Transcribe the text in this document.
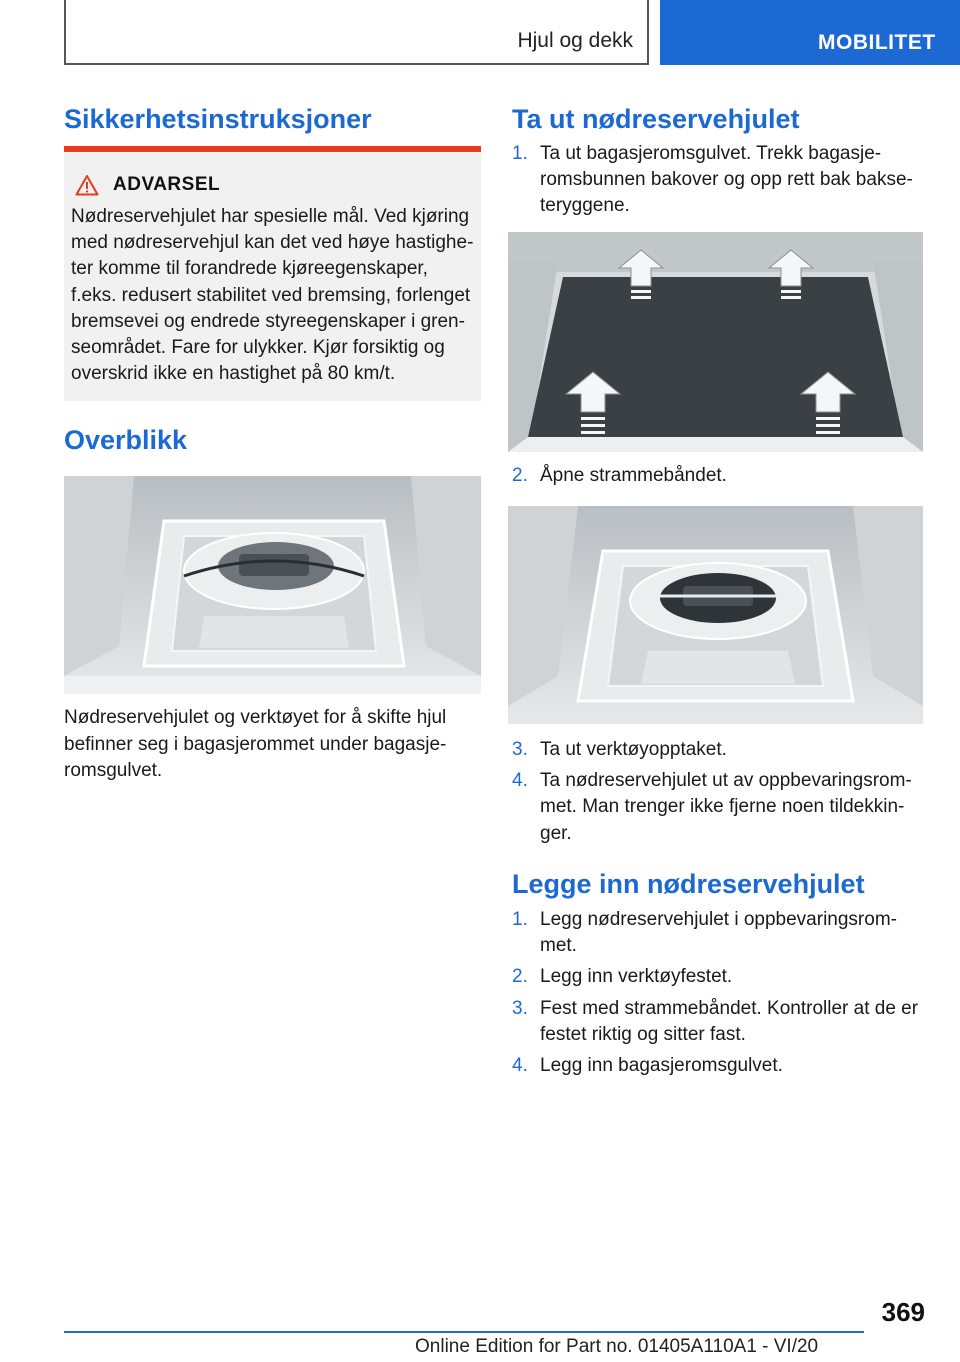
Hjul og dekk	MOBILITET
Sikkerhetsinstruksjoner
ADVARSEL

Nødreservehjulet har spesielle mål. Ved kjøring med nødreservehjul kan det ved høye hastigheter komme til forandrede kjøreegenskaper, f.eks. redusert stabilitet ved bremsing, forlenget bremsevei og endrede styreegenskaper i grenseområdet. Fare for ulykker. Kjør forsiktig og overskrid ikke en hastighet på 80 km/t.

Overblikk
Nødreservehjulet og verktøyet for å skifte hjul befinner seg i bagasjerommet under bagasjeromsgulvet.
Ta ut nødreservehjulet
1. Ta ut bagasjeromsgulvet. Trekk bagasjeromsbunnen bakover og opp rett bak bakseteryggene.
2. Åpne strammebåndet.
3. Ta ut verktøyopptaket.
4. Ta nødreservehjulet ut av oppbevaringsrommet. Man trenger ikke fjerne noen tildekkinger.
Legge inn nødreservehjulet
1. Legg nødreservehjulet i oppbevaringsrommet.
2. Legg inn verktøyfestet.
3. Fest med strammebåndet. Kontroller at de er festet riktig og sitter fast.
4. Legg inn bagasjeromsgulvet.
369
Online Edition for Part no. 01405A110A1 - VI/20
